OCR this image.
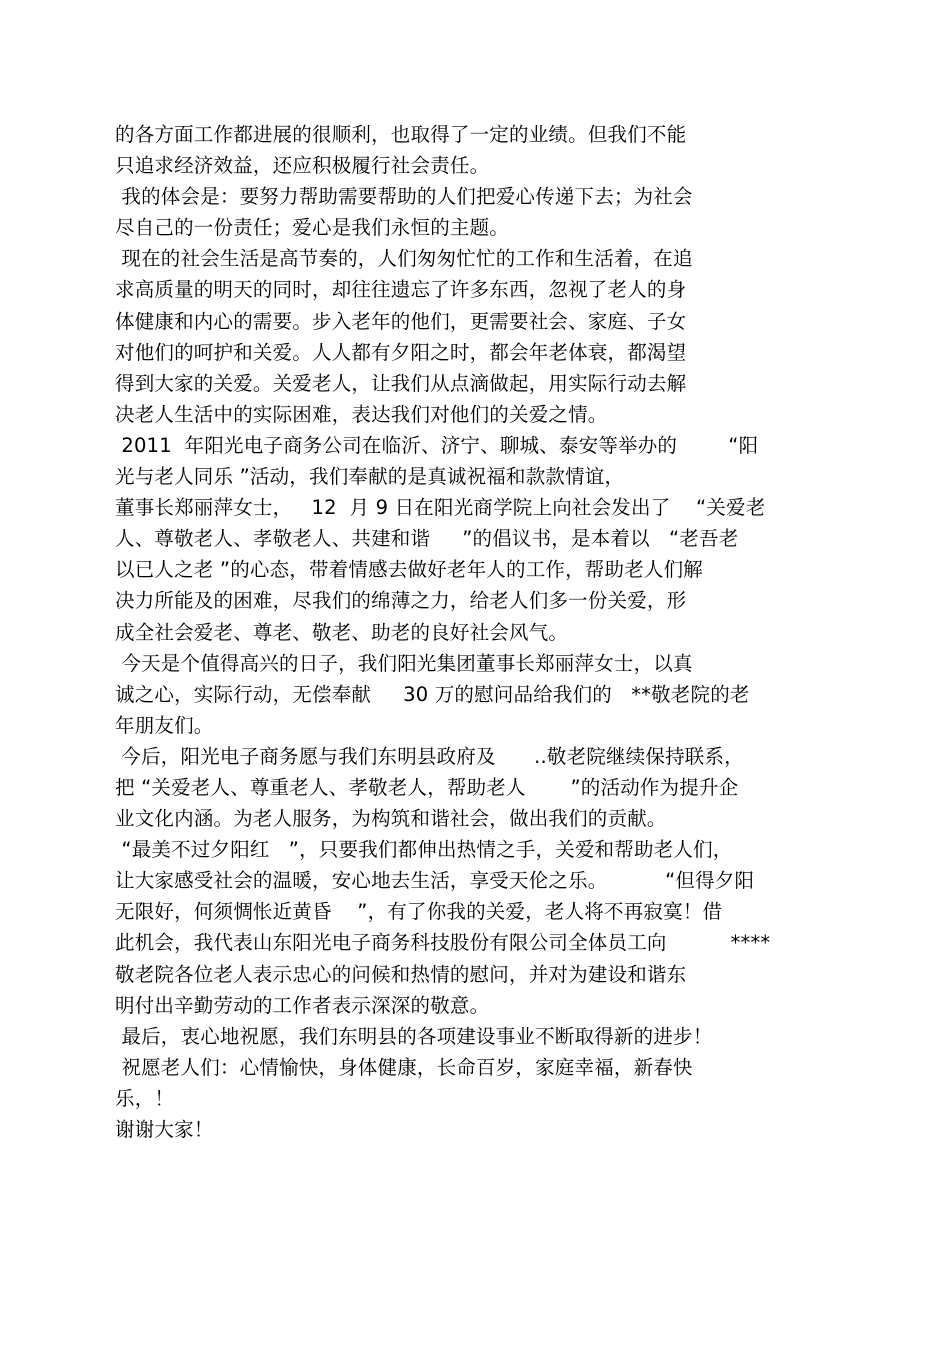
的各方面工作都进展的很顺利，也取得了一定的业绩。但我们不能
只追求经济效益，还应积极履行社会责任。
我的体会是：要努力帮助需要帮助的人们把爱心传递下去；为社会
尽自己的一份责任；爱心是我们永恒的主题。
现在的社会生活是高节奏的，人们匆匆忙忙的工作和生活着，在追
求高质量的明天的同时，却往往遗忘了许多东西，忽视了老人的身
体健康和内心的需要。步入老年的他们，更需要社会、家庭、子女
对他们的呵护和关爱。人人都有夕阳之时，都会年老体衰，都渴望
得到大家的关爱。关爱老人，让我们从点滴做起，用实际行动去解
决老人生活中的实际困难，表达我们对他们的关爱之情。
2011  年阳光电子商务公司在临沂、济宁、聊城、泰安等举办的        “阳
光与老人同乐 ”活动，我们奉献的是真诚祝福和款款情谊，
董事长郑丽萍女士，   12  月 9 日在阳光商学院上向社会发出了    “关爱老
人、尊敬老人、孝敬老人、共建和谐     ”的倡议书，是本着以   “老吾老
以已人之老 ”的心态，带着情感去做好老年人的工作，帮助老人们解
决力所能及的困难，尽我们的绵薄之力，给老人们多一份关爱，形
成全社会爱老、尊老、敬老、助老的良好社会风气。
今天是个值得高兴的日子，我们阳光集团董事长郑丽萍女士，以真
诚之心，实际行动，无偿奉献     30 万的慰问品给我们的   **敬老院的老
年朋友们。
今后，阳光电子商务愿与我们东明县政府及      ..敬老院继续保持联系，
把 “关爱老人、尊重老人、孝敬老人，帮助老人       ”的活动作为提升企
业文化内涵。为老人服务，为构筑和谐社会，做出我们的贡献。
“最美不过夕阳红   ”，只要我们都伸出热情之手，关爱和帮助老人们，
让大家感受社会的温暖，安心地去生活，享受天伦之乐。         “但得夕阳
无限好，何须惆怅近黄昏    ”，有了你我的关爱，老人将不再寂寞！借
此机会，我代表山东阳光电子商务科技股份有限公司全体员工向          ****
敬老院各位老人表示忠心的问候和热情的慰问，并对为建设和谐东
明付出辛勤劳动的工作者表示深深的敬意。
最后，衷心地祝愿，我们东明县的各项建设事业不断取得新的进步！
祝愿老人们：心情愉快，身体健康，长命百岁，家庭幸福，新春快
乐，！
谢谢大家！
